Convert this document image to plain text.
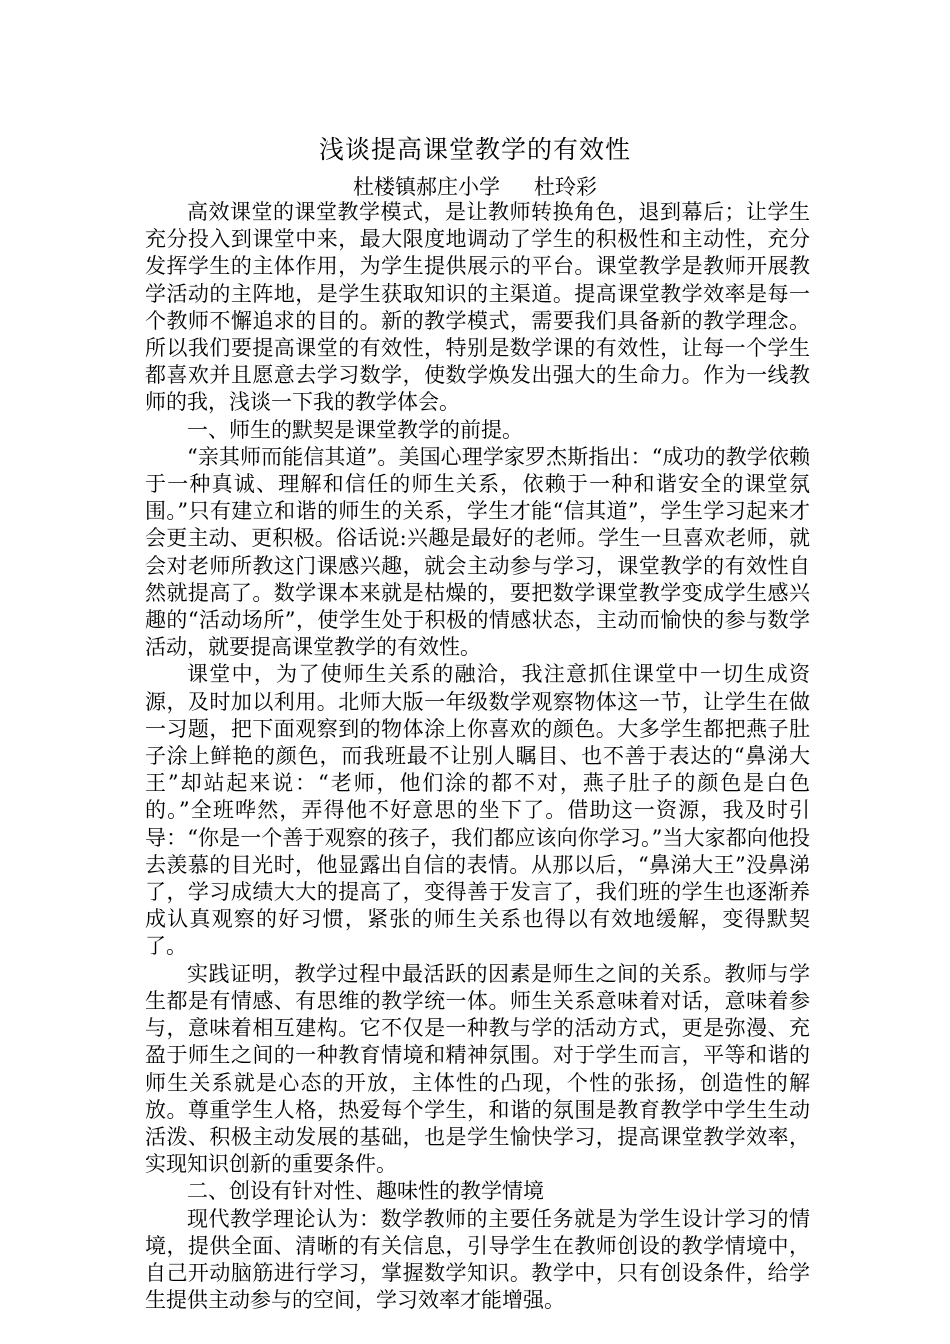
浅谈提高课堂教学的有效性
杜楼镇郝庄小学 杜玲彩

高效课堂的课堂教学模式，是让教师转换角色，退到幕后；让学生充分投入到课堂中来，最大限度地调动了学生的积极性和主动性，充分发挥学生的主体作用，为学生提供展示的平台。课堂教学是教师开展教学活动的主阵地，是学生获取知识的主渠道。提高课堂教学效率是每一个教师不懈追求的目的。新的教学模式，需要我们具备新的教学理念。所以我们要提高课堂的有效性，特别是数学课的有效性，让每一个学生都喜欢并且愿意去学习数学，使数学焕发出强大的生命力。作为一线教师的我，浅谈一下我的教学体会。

一、师生的默契是课堂教学的前提。

“亲其师而能信其道”。美国心理学家罗杰斯指出：“成功的教学依赖于一种真诚、理解和信任的师生关系，依赖于一种和谐安全的课堂氛围。”只有建立和谐的师生的关系，学生才能“信其道”，学生学习起来才会更主动、更积极。俗话说:兴趣是最好的老师。学生一旦喜欢老师，就会对老师所教这门课感兴趣，就会主动参与学习，课堂教学的有效性自然就提高了。数学课本来就是枯燥的，要把数学课堂教学变成学生感兴趣的“活动场所”，使学生处于积极的情感状态，主动而愉快的参与数学活动，就要提高课堂教学的有效性。

课堂中，为了使师生关系的融洽，我注意抓住课堂中一切生成资源，及时加以利用。北师大版一年级数学观察物体这一节，让学生在做一习题，把下面观察到的物体涂上你喜欢的颜色。大多学生都把燕子肚子涂上鲜艳的颜色，而我班最不让别人瞩目、也不善于表达的“鼻涕大王”却站起来说：“老师，他们涂的都不对，燕子肚子的颜色是白色的。”全班哗然，弄得他不好意思的坐下了。借助这一资源，我及时引导：“你是一个善于观察的孩子，我们都应该向你学习。”当大家都向他投去羡慕的目光时，他显露出自信的表情。从那以后，“鼻涕大王”没鼻涕了，学习成绩大大的提高了，变得善于发言了，我们班的学生也逐渐养成认真观察的好习惯，紧张的师生关系也得以有效地缓解，变得默契了。

实践证明，教学过程中最活跃的因素是师生之间的关系。教师与学生都是有情感、有思维的教学统一体。师生关系意味着对话，意味着参与，意味着相互建构。它不仅是一种教与学的活动方式，更是弥漫、充盈于师生之间的一种教育情境和精神氛围。对于学生而言，平等和谐的师生关系就是心态的开放，主体性的凸现，个性的张扬，创造性的解放。尊重学生人格，热爱每个学生，和谐的氛围是教育教学中学生生动活泼、积极主动发展的基础，也是学生愉快学习，提高课堂教学效率，实现知识创新的重要条件。

二、创设有针对性、趣味性的教学情境

现代教学理论认为：数学教师的主要任务就是为学生设计学习的情境，提供全面、清晰的有关信息，引导学生在教师创设的教学情境中，自己开动脑筋进行学习，掌握数学知识。教学中，只有创设条件，给学生提供主动参与的空间，学习效率才能增强。
